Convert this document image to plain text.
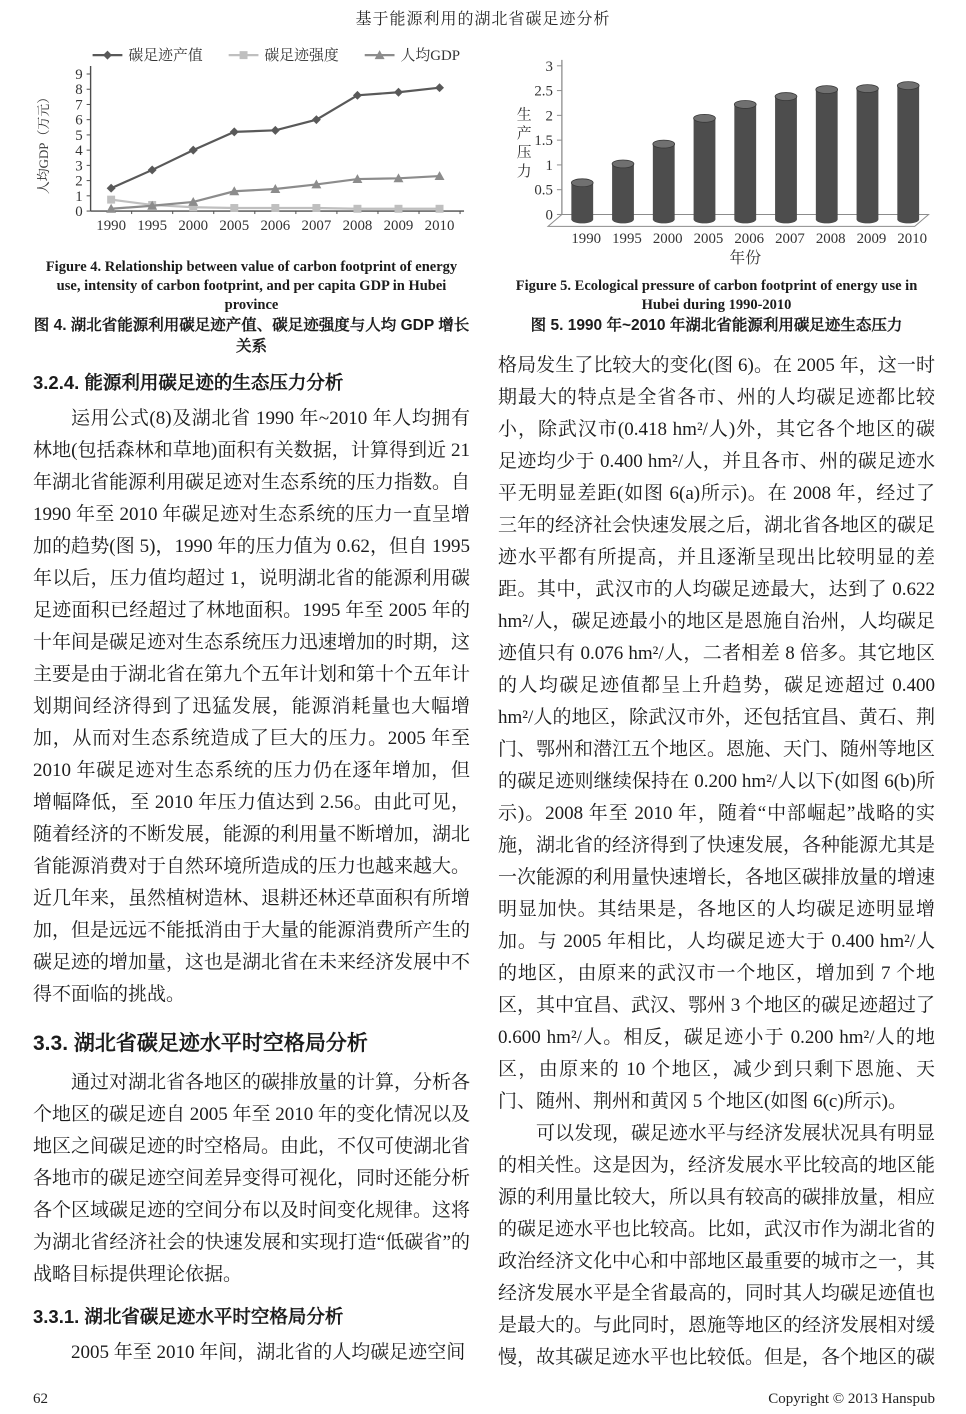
基于能源利用的湖北省碳足迹分析
0
1
2
3
4
5
6
7
8
9
1990 1995 2000 2005 2006 2007 2008 2009 2010
人均GDP（万元）
碳足迹产值	碳足迹强度	人均GDP
Figure 4. Relationship between value of carbon footprint of energy use, intensity of carbon footprint, and per capita GDP in Hubei province
图 4. 湖北省能源利用碳足迹产值、碳足迹强度与人均 GDP 增长关系
3.2.4. 能源利用碳足迹的生态压力分析

运用公式(8)及湖北省 1990 年~2010 年人均拥有林地(包括森林和草地)面积有关数据，计算得到近 21 年湖北省能源利用碳足迹对生态系统的压力指数。自 1990 年至 2010 年碳足迹对生态系统的压力一直呈增加的趋势(图 5)，1990 年的压力值为 0.62，但自 1995 年以后，压力值均超过 1，说明湖北省的能源利用碳足迹面积已经超过了林地面积。1995 年至 2005 年的十年间是碳足迹对生态系统压力迅速增加的时期，这主要是由于湖北省在第九个五年计划和第十个五年计划期间经济得到了迅猛发展，能源消耗量也大幅增加，从而对生态系统造成了巨大的压力。2005 年至 2010 年碳足迹对生态系统的压力仍在逐年增加，但增幅降低，至 2010 年压力值达到 2.56。由此可见，随着经济的不断发展，能源的利用量不断增加，湖北省能源消费对于自然环境所造成的压力也越来越大。近几年来，虽然植树造林、退耕还林还草面积有所增加，但是远远不能抵消由于大量的能源消费所产生的碳足迹的增加量，这也是湖北省在未来经济发展中不得不面临的挑战。

3.3. 湖北省碳足迹水平时空格局分析

通过对湖北省各地区的碳排放量的计算，分析各个地区的碳足迹自 2005 年至 2010 年的变化情况以及地区之间碳足迹的时空格局。由此，不仅可使湖北省各地市的碳足迹空间差异变得可视化，同时还能分析各个区域碳足迹的空间分布以及时间变化规律。这将为湖北省经济社会的快速发展和实现打造“低碳省”的战略目标提供理论依据。

3.3.1. 湖北省碳足迹水平时空格局分析

2005 年至 2010 年间，湖北省的人均碳足迹空间

0
0.5
1
1.5
2
2.5
3
生
产
压
力
1990 1995 2000 2005 2006 2007 2008 2009 2010
年份
Figure 5. Ecological pressure of carbon footprint of energy use in Hubei during 1990-2010
图 5. 1990 年~2010 年湖北省能源利用碳足迹生态压力

格局发生了比较大的变化(图 6)。在 2005 年，这一时期最大的特点是全省各市、州的人均碳足迹都比较小，除武汉市(0.418 hm²/人)外，其它各个地区的碳足迹均少于 0.400 hm²/人，并且各市、州的碳足迹水平无明显差距(如图 6(a)所示)。在 2008 年，经过了三年的经济社会快速发展之后，湖北省各地区的碳足迹水平都有所提高，并且逐渐呈现出比较明显的差距。其中，武汉市的人均碳足迹最大，达到了 0.622 hm²/人，碳足迹最小的地区是恩施自治州，人均碳足迹值只有 0.076 hm²/人，二者相差 8 倍多。其它地区的人均碳足迹值都呈上升趋势，碳足迹超过 0.400 hm²/人的地区，除武汉市外，还包括宜昌、黄石、荆门、鄂州和潜江五个地区。恩施、天门、随州等地区的碳足迹则继续保持在 0.200 hm²/人以下(如图 6(b)所示)。2008 年至 2010 年，随着“中部崛起”战略的实施，湖北省的经济得到了快速发展，各种能源尤其是一次能源的利用量快速增长，各地区碳排放量的增速明显加快。其结果是，各地区的人均碳足迹明显增加。与 2005 年相比，人均碳足迹大于 0.400 hm²/人的地区，由原来的武汉市一个地区，增加到 7 个地区，其中宜昌、武汉、鄂州 3 个地区的碳足迹超过了 0.600 hm²/人。相反，碳足迹小于 0.200 hm²/人的地区，由原来的 10 个地区，减少到只剩下恩施、天门、随州、荆州和黄冈 5 个地区(如图 6(c)所示)。

可以发现，碳足迹水平与经济发展状况具有明显的相关性。这是因为，经济发展水平比较高的地区能源的利用量比较大，所以具有较高的碳排放量，相应的碳足迹水平也比较高。比如，武汉市作为湖北省的政治经济文化中心和中部地区最重要的城市之一，其经济发展水平是全省最高的，同时其人均碳足迹值也是最大的。与此同时，恩施等地区的经济发展相对缓慢，故其碳足迹水平也比较低。但是，各个地区的碳

62	Copyright © 2013 Hanspub
